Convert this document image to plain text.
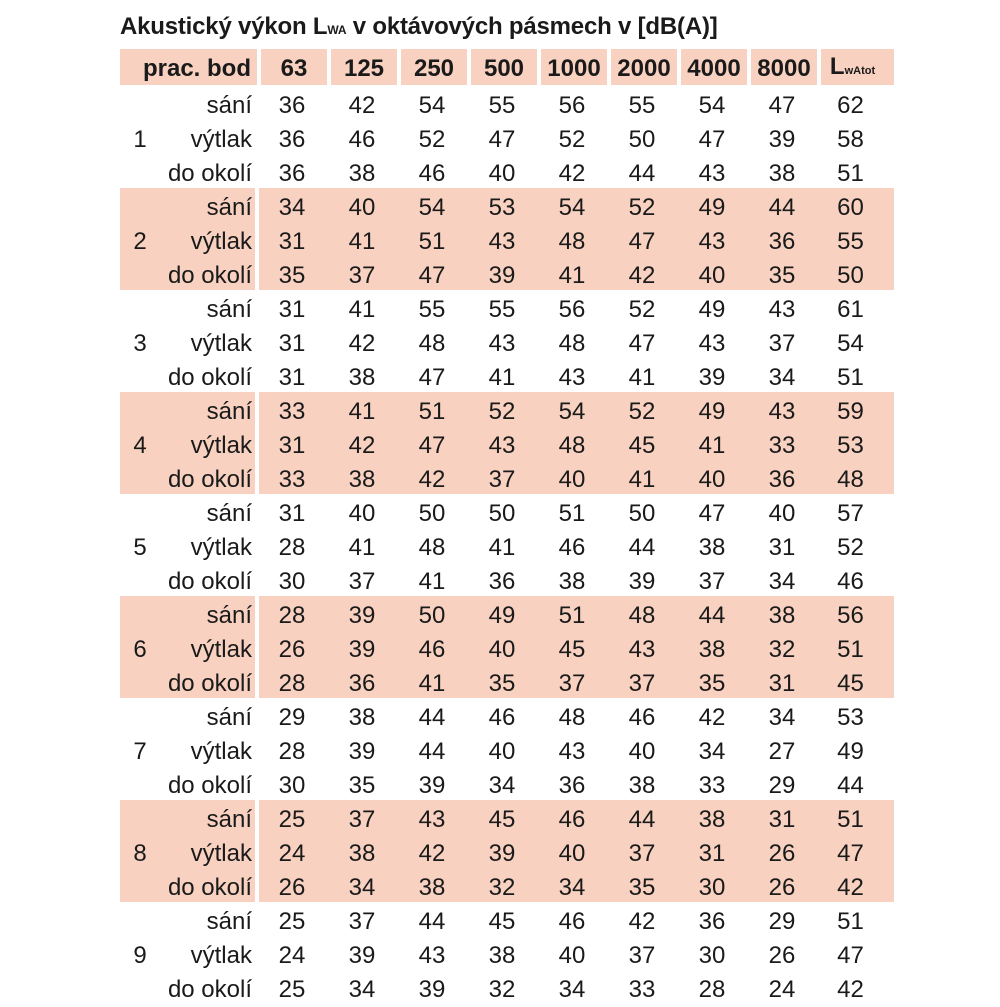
Akustický výkon LWA v oktávových pásmech v [dB(A)]
prac. bod		63	125	250	500	1000	2000	4000	8000	LwAtot
1	sání	36	42	54	55	56	55	54	47	62
	výtlak	36	46	52	47	52	50	47	39	58
	do okolí	36	38	46	40	42	44	43	38	51
2	sání	34	40	54	53	54	52	49	44	60
	výtlak	31	41	51	43	48	47	43	36	55
	do okolí	35	37	47	39	41	42	40	35	50
3	sání	31	41	55	55	56	52	49	43	61
	výtlak	31	42	48	43	48	47	43	37	54
	do okolí	31	38	47	41	43	41	39	34	51
4	sání	33	41	51	52	54	52	49	43	59
	výtlak	31	42	47	43	48	45	41	33	53
	do okolí	33	38	42	37	40	41	40	36	48
5	sání	31	40	50	50	51	50	47	40	57
	výtlak	28	41	48	41	46	44	38	31	52
	do okolí	30	37	41	36	38	39	37	34	46
6	sání	28	39	50	49	51	48	44	38	56
	výtlak	26	39	46	40	45	43	38	32	51
	do okolí	28	36	41	35	37	37	35	31	45
7	sání	29	38	44	46	48	46	42	34	53
	výtlak	28	39	44	40	43	40	34	27	49
	do okolí	30	35	39	34	36	38	33	29	44
8	sání	25	37	43	45	46	44	38	31	51
	výtlak	24	38	42	39	40	37	31	26	47
	do okolí	26	34	38	32	34	35	30	26	42
9	sání	25	37	44	45	46	42	36	29	51
	výtlak	24	39	43	38	40	37	30	26	47
	do okolí	25	34	39	32	34	33	28	24	42
